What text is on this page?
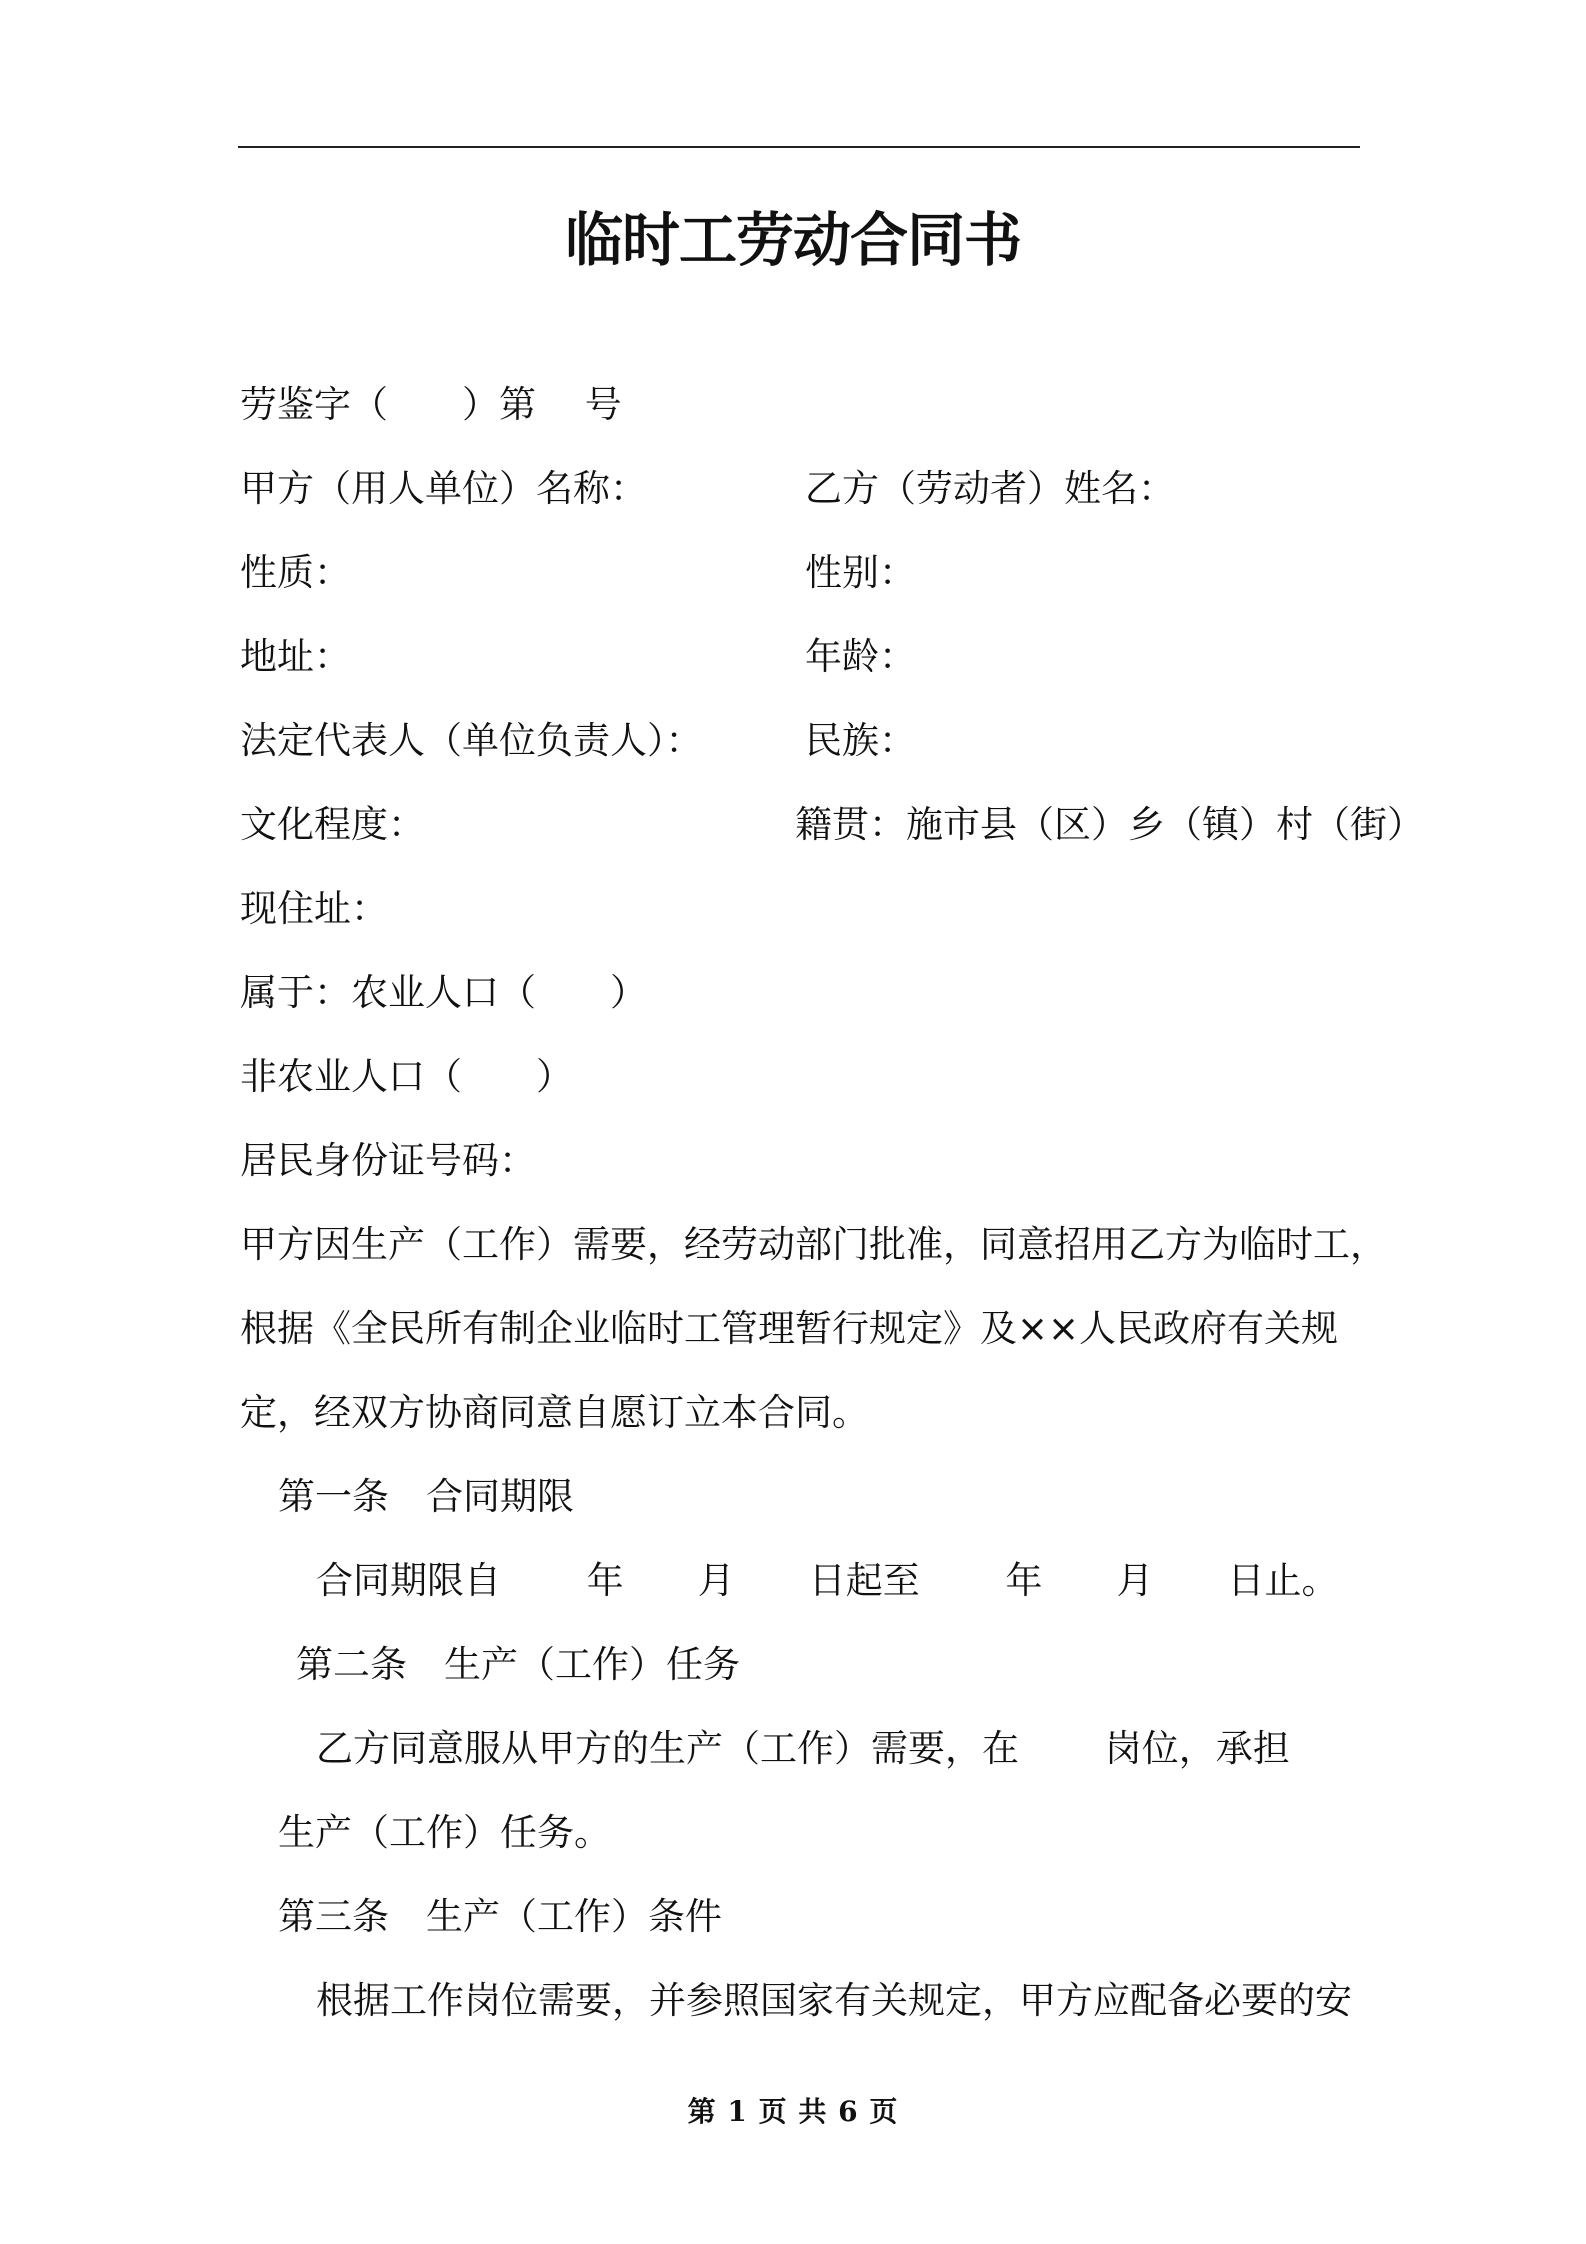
临时工劳动合同书
劳鉴字（　　）第　 号
甲方（用人单位）名称：	乙方（劳动者）姓名：
性质：	性别：
地址：	年龄：
法定代表人（单位负责人）：	民族：
文化程度：	籍贯：施市县（区）乡（镇）村（街）
现住址：
属于：农业人口（　　）
非农业人口（　　）
居民身份证号码：
甲方因生产（工作）需要，经劳动部门批准，同意招用乙方为临时工，
根据《全民所有制企业临时工管理暂行规定》及××人民政府有关规
定，经双方协商同意自愿订立本合同。
第一条　合同期限
合同期限自　　 年　　月　　日起至　　 年　　月　　日止。
第二条　生产（工作）任务
乙方同意服从甲方的生产（工作）需要，在　　 岗位，承担
生产（工作）任务。
第三条　生产（工作）条件
根据工作岗位需要，并参照国家有关规定，甲方应配备必要的安
第 1 页 共 6 页
